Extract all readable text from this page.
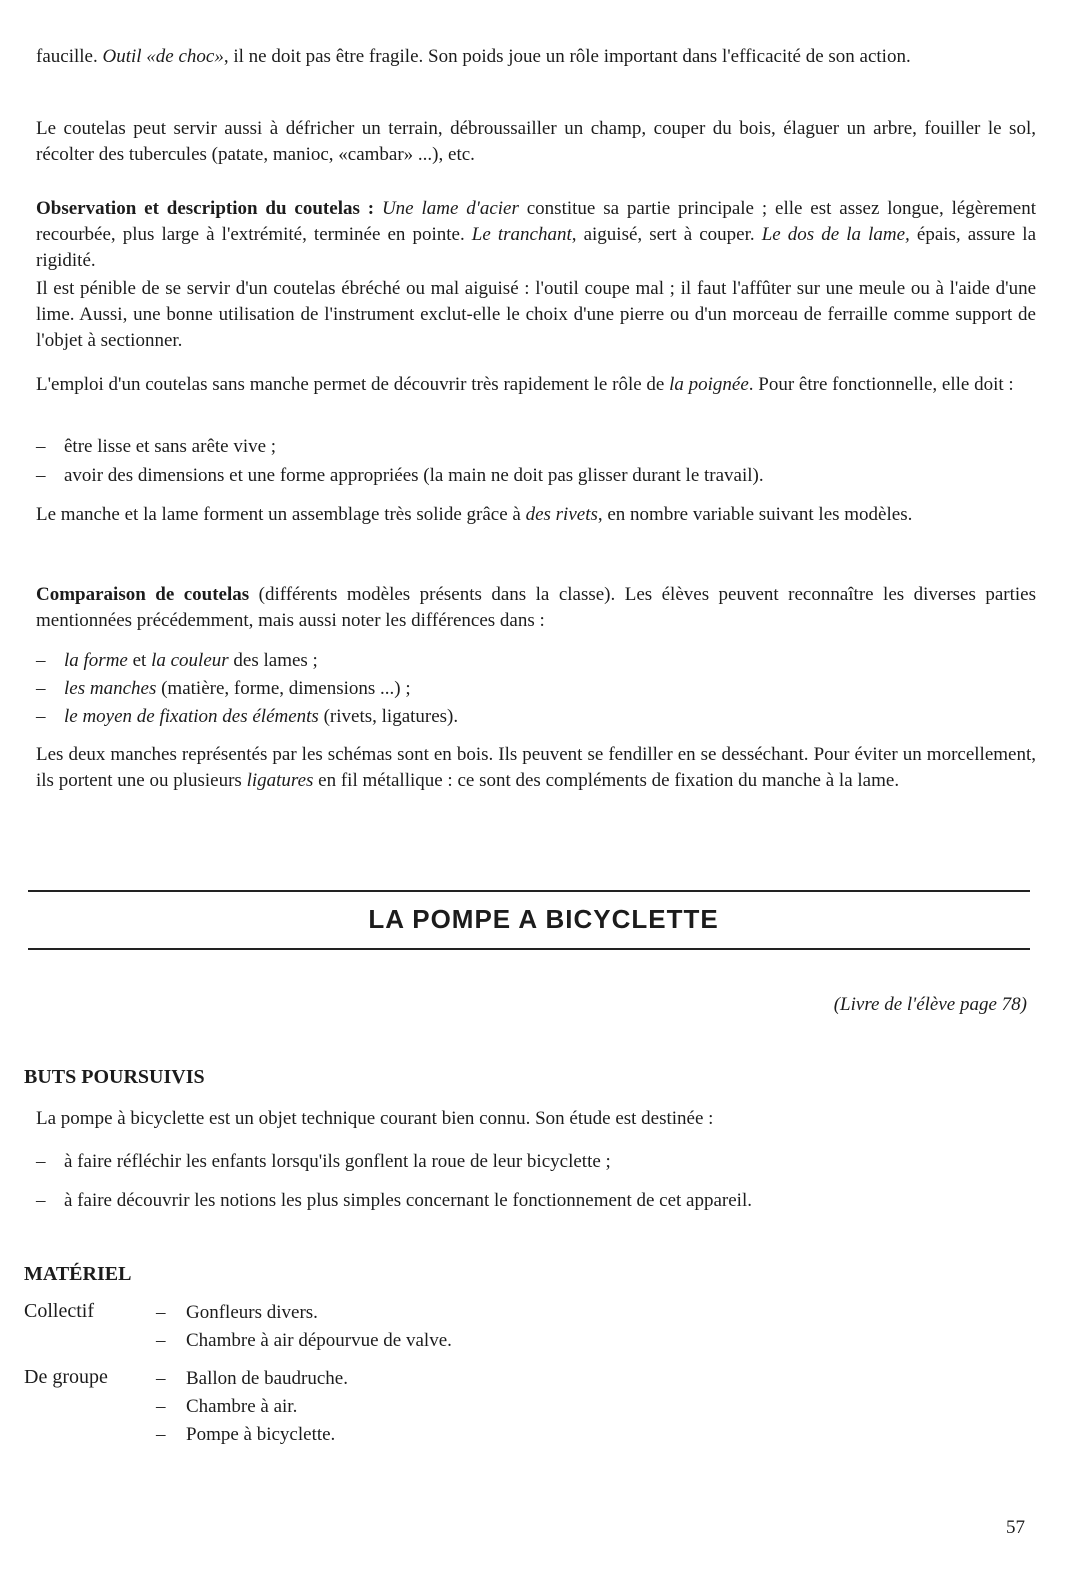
faucille. Outil «de choc», il ne doit pas être fragile. Son poids joue un rôle important dans l'efficacité de son action.

Le coutelas peut servir aussi à défricher un terrain, débroussailler un champ, couper du bois, élaguer un arbre, fouiller le sol, récolter des tubercules (patate, manioc, «cambar» ...), etc.

Observation et description du coutelas : Une lame d'acier constitue sa partie principale ; elle est assez longue, légèrement recourbée, plus large à l'extrémité, terminée en pointe. Le tranchant, aiguisé, sert à couper. Le dos de la lame, épais, assure la rigidité.

Il est pénible de se servir d'un coutelas ébréché ou mal aiguisé : l'outil coupe mal ; il faut l'affûter sur une meule ou à l'aide d'une lime. Aussi, une bonne utilisation de l'instrument exclut-elle le choix d'une pierre ou d'un morceau de ferraille comme support de l'objet à sectionner.

L'emploi d'un coutelas sans manche permet de découvrir très rapidement le rôle de la poignée. Pour être fonctionnelle, elle doit :

– être lisse et sans arête vive ;
– avoir des dimensions et une forme appropriées (la main ne doit pas glisser durant le travail).

Le manche et la lame forment un assemblage très solide grâce à des rivets, en nombre variable suivant les modèles.

Comparaison de coutelas (différents modèles présents dans la classe). Les élèves peuvent reconnaître les diverses parties mentionnées précédemment, mais aussi noter les différences dans :

– la forme et la couleur des lames ;
– les manches (matière, forme, dimensions ...) ;
– le moyen de fixation des éléments (rivets, ligatures).

Les deux manches représentés par les schémas sont en bois. Ils peuvent se fendiller en se desséchant. Pour éviter un morcellement, ils portent une ou plusieurs ligatures en fil métallique : ce sont des compléments de fixation du manche à la lame.

LA POMPE A BICYCLETTE
(Livre de l'élève page 78)
BUTS POURSUIVIS

La pompe à bicyclette est un objet technique courant bien connu. Son étude est destinée :

– à faire réfléchir les enfants lorsqu'ils gonflent la roue de leur bicyclette ;
– à faire découvrir les notions les plus simples concernant le fonctionnement de cet appareil.
MATÉRIEL
Collectif	– Gonfleurs divers.
– Chambre à air dépourvue de valve.
De groupe	– Ballon de baudruche.
– Chambre à air.
– Pompe à bicyclette.
57
